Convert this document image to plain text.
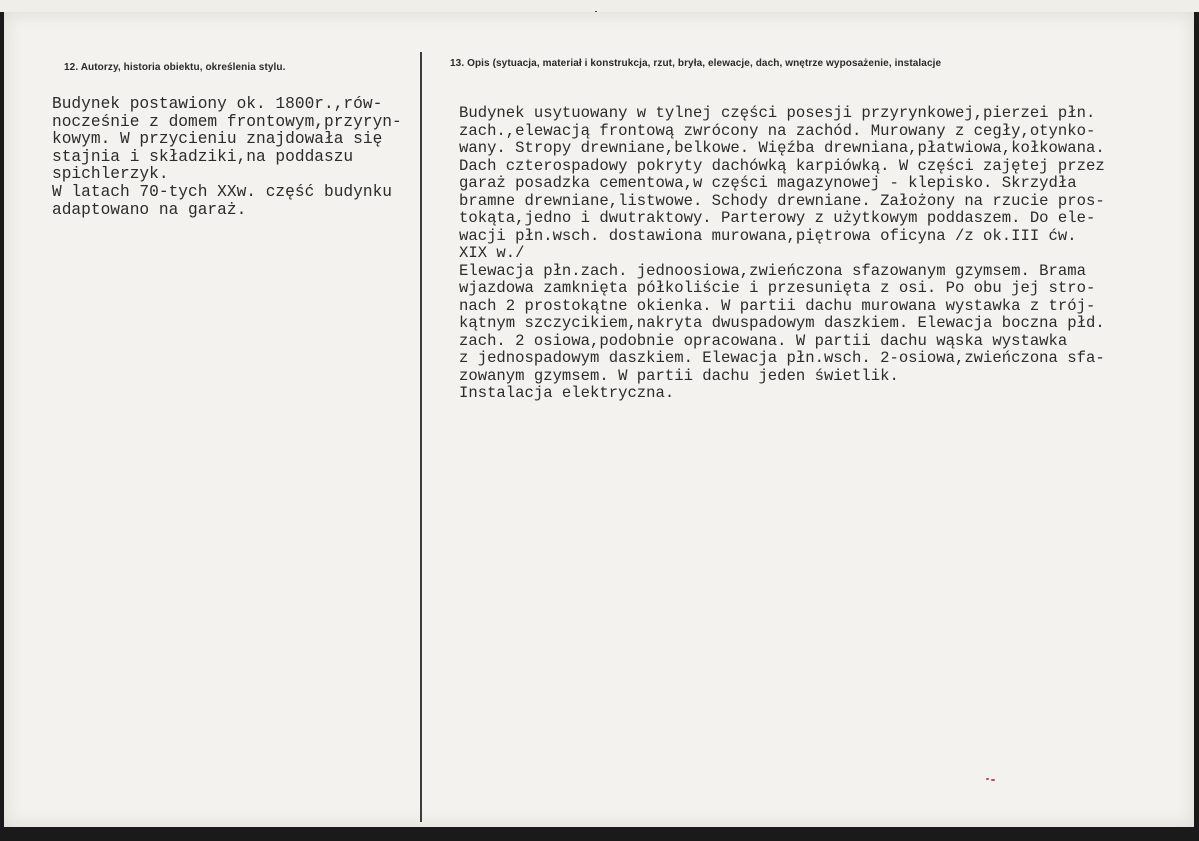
12. Autorzy, historia obiektu, określenia stylu.	13. Opis (sytuacja, materiał i konstrukcja, rzut, bryła, elewacje, dach, wnętrze wyposażenie, instalacje
Budynek postawiony ok. 1800r.,rów-
nocześnie z domem frontowym,przyryn-
kowym. W przycieniu znajdowała się
stajnia i składziki,na poddaszu
spichlerzyk.
W latach 70-tych XXw. część budynku
adaptowano na garaż.
Budynek usytuowany w tylnej części posesji przyrynkowej,pierzei płn.
zach.,elewacją frontową zwrócony na zachód. Murowany z cegły,otynko-
wany. Stropy drewniane,belkowe. Więźba drewniana,płatwiowa,kołkowana.
Dach czterospadowy pokryty dachówką karpiówką. W części zajętej przez
garaż posadzka cementowa,w części magazynowej - klepisko. Skrzydła
bramne drewniane,listwowe. Schody drewniane. Założony na rzucie pros-
tokąta,jedno i dwutraktowy. Parterowy z użytkowym poddaszem. Do ele-
wacji płn.wsch. dostawiona murowana,piętrowa oficyna /z ok.III ćw.
XIX w./
Elewacja płn.zach. jednoosiowa,zwieńczona sfazowanym gzymsem. Brama
wjazdowa zamknięta półkoliście i przesunięta z osi. Po obu jej stro-
nach 2 prostokątne okienka. W partii dachu murowana wystawka z trój-
kątnym szczycikiem,nakryta dwuspadowym daszkiem. Elewacja boczna płd.
zach. 2 osiowa,podobnie opracowana. W partii dachu wąska wystawka
z jednospadowym daszkiem. Elewacja płn.wsch. 2-osiowa,zwieńczona sfa-
zowanym gzymsem. W partii dachu jeden świetlik.
Instalacja elektryczna.
